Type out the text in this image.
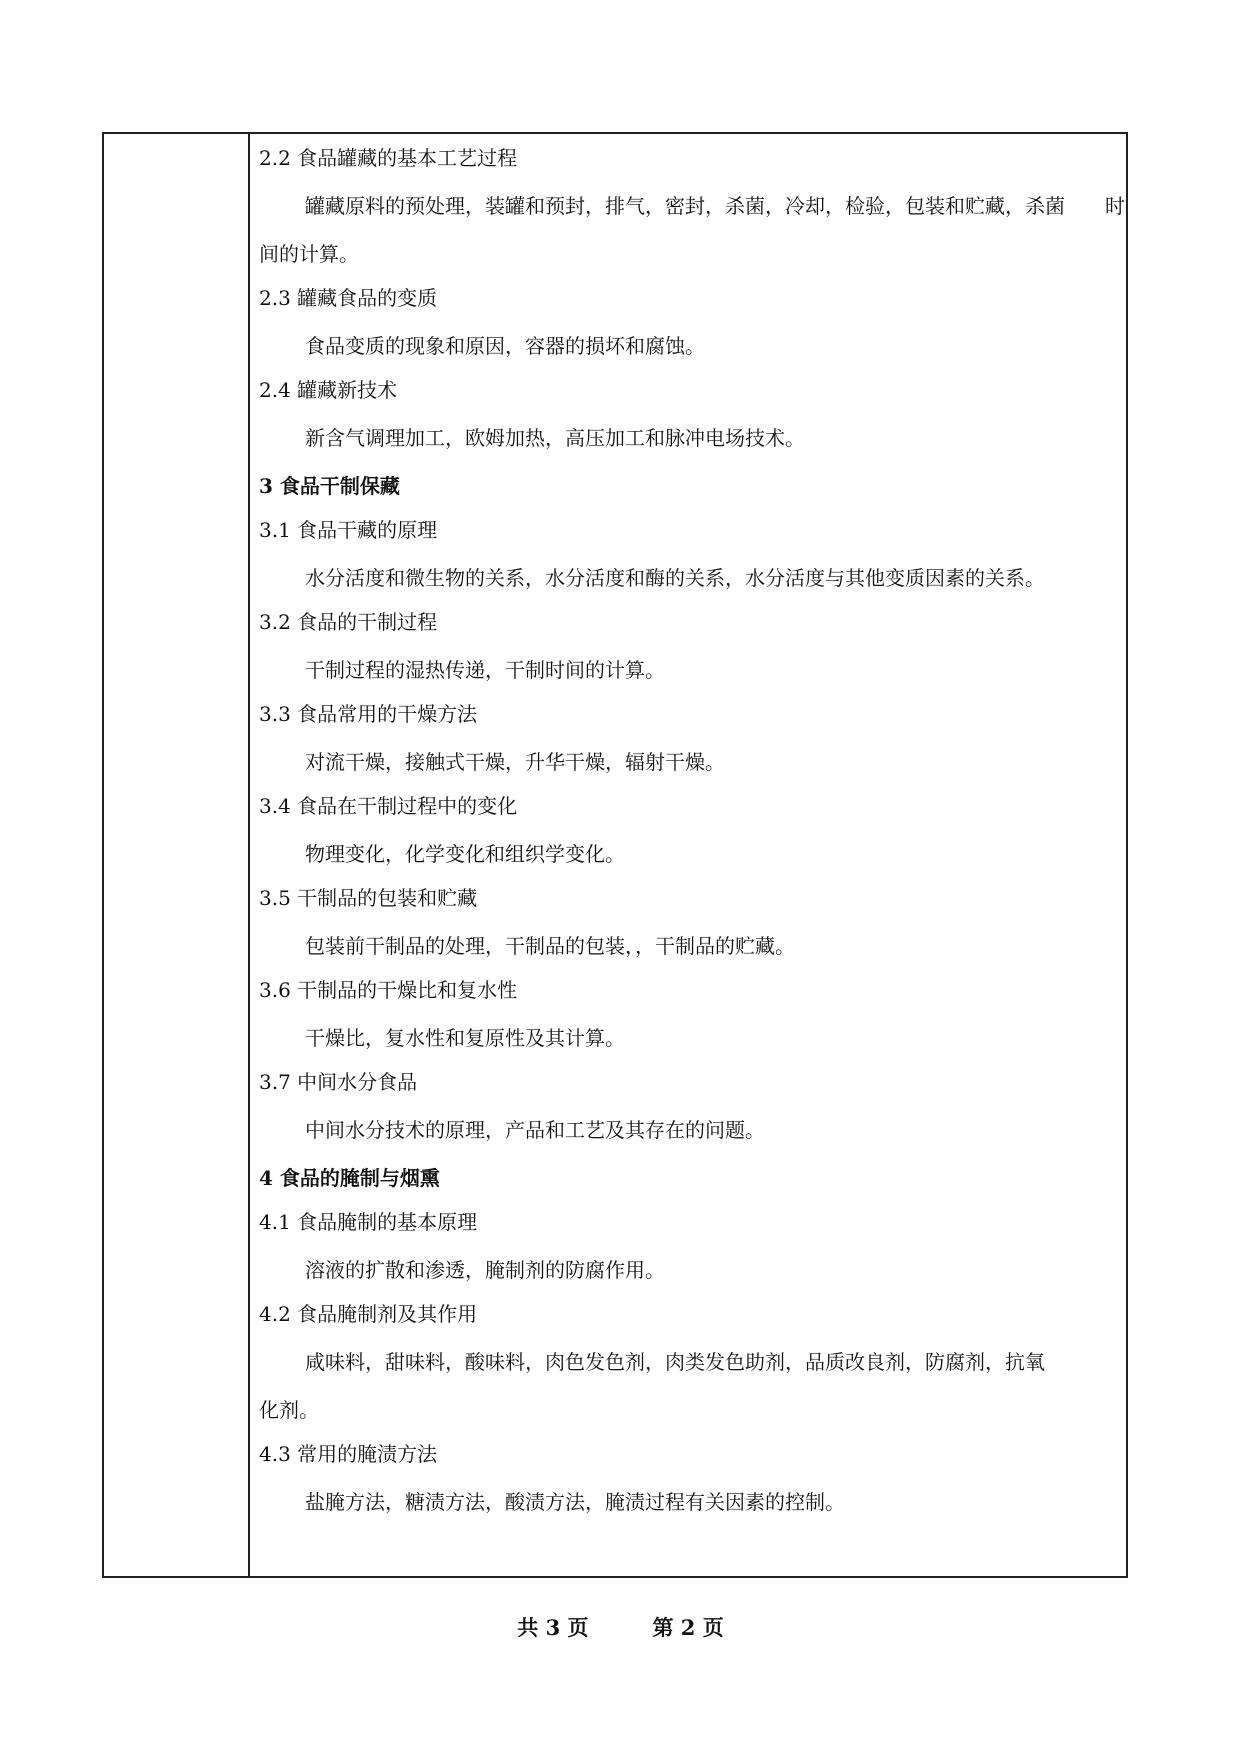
2.2 食品罐藏的基本工艺过程
罐藏原料的预处理，装罐和预封，排气，密封，杀菌，冷却，检验，包装和贮藏，杀菌　　时
间的计算。
2.3 罐藏食品的变质
食品变质的现象和原因，容器的损坏和腐蚀。
2.4 罐藏新技术
新含气调理加工，欧姆加热，高压加工和脉冲电场技术。
3 食品干制保藏
3.1 食品干藏的原理
水分活度和微生物的关系，水分活度和酶的关系，水分活度与其他变质因素的关系。
3.2 食品的干制过程
干制过程的湿热传递，干制时间的计算。
3.3 食品常用的干燥方法
对流干燥，接触式干燥，升华干燥，辐射干燥。
3.4 食品在干制过程中的变化
物理变化，化学变化和组织学变化。
3.5 干制品的包装和贮藏
包装前干制品的处理，干制品的包装，，干制品的贮藏。
3.6 干制品的干燥比和复水性
干燥比，复水性和复原性及其计算。
3.7 中间水分食品
中间水分技术的原理，产品和工艺及其存在的问题。
4 食品的腌制与烟熏
4.1 食品腌制的基本原理
溶液的扩散和渗透，腌制剂的防腐作用。
4.2 食品腌制剂及其作用
咸味料，甜味料，酸味料，肉色发色剂，肉类发色助剂，品质改良剂，防腐剂，抗氧
化剂。
4.3 常用的腌渍方法
盐腌方法，糖渍方法，酸渍方法，腌渍过程有关因素的控制。
共 3 页	第 2 页
